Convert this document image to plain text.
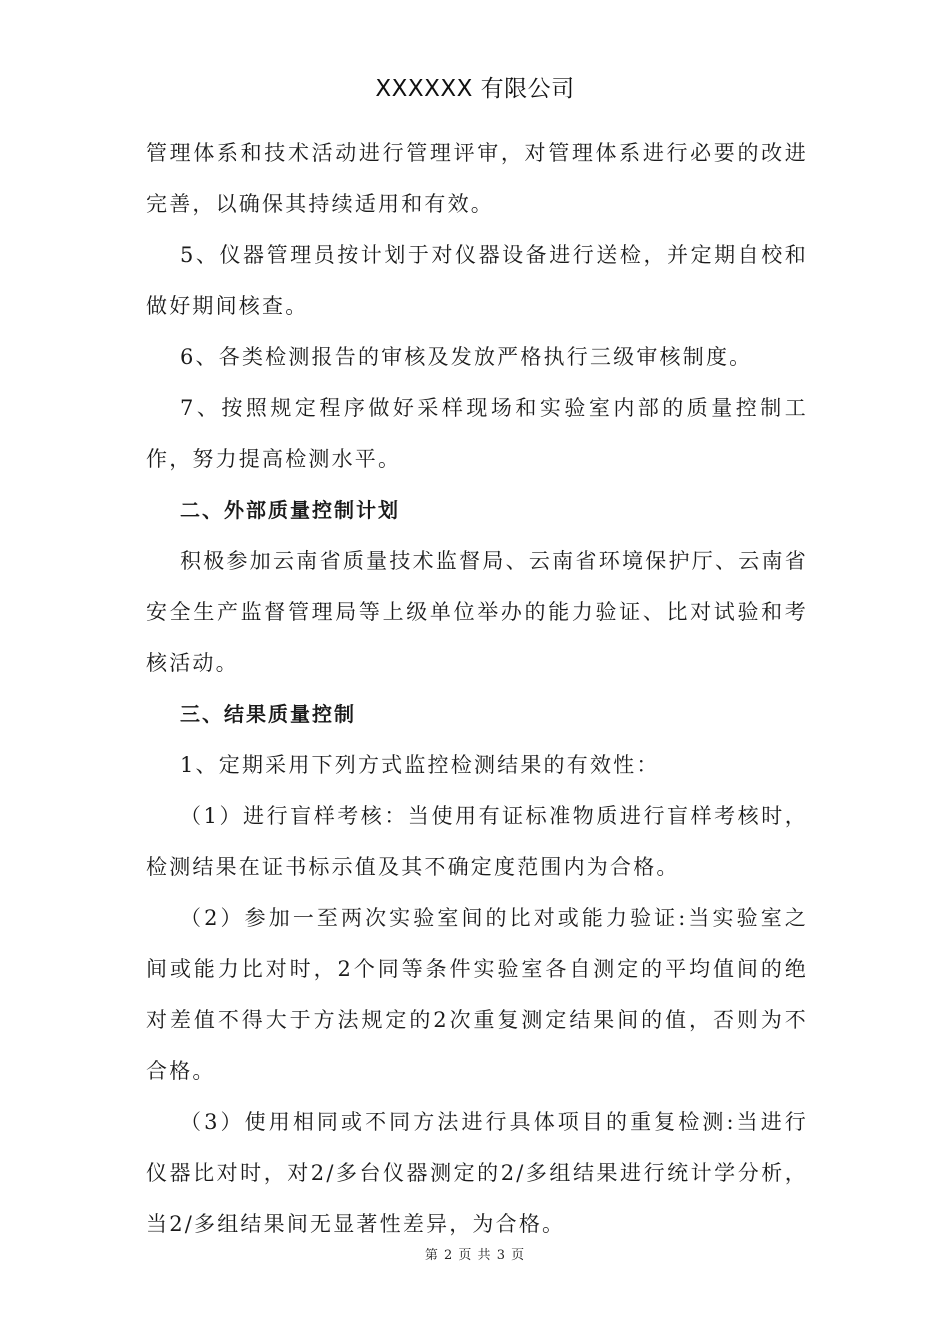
XXXXXX 有限公司

管理体系和技术活动进行管理评审，对管理体系进行必要的改进完善，以确保其持续适用和有效。

5、仪器管理员按计划于对仪器设备进行送检，并定期自校和做好期间核查。

6、各类检测报告的审核及发放严格执行三级审核制度。

7、按照规定程序做好采样现场和实验室内部的质量控制工作，努力提高检测水平。

二、外部质量控制计划

积极参加云南省质量技术监督局、云南省环境保护厅、云南省安全生产监督管理局等上级单位举办的能力验证、比对试验和考核活动。

三、结果质量控制

1、定期采用下列方式监控检测结果的有效性：

（1）进行盲样考核：当使用有证标准物质进行盲样考核时，检测结果在证书标示值及其不确定度范围内为合格。

（2）参加一至两次实验室间的比对或能力验证:当实验室之间或能力比对时，2个同等条件实验室各自测定的平均值间的绝对差值不得大于方法规定的2次重复测定结果间的值，否则为不合格。

（3）使用相同或不同方法进行具体项目的重复检测:当进行仪器比对时，对2/多台仪器测定的2/多组结果进行统计学分析，当2/多组结果间无显著性差异，为合格。

第 2 页 共 3 页
